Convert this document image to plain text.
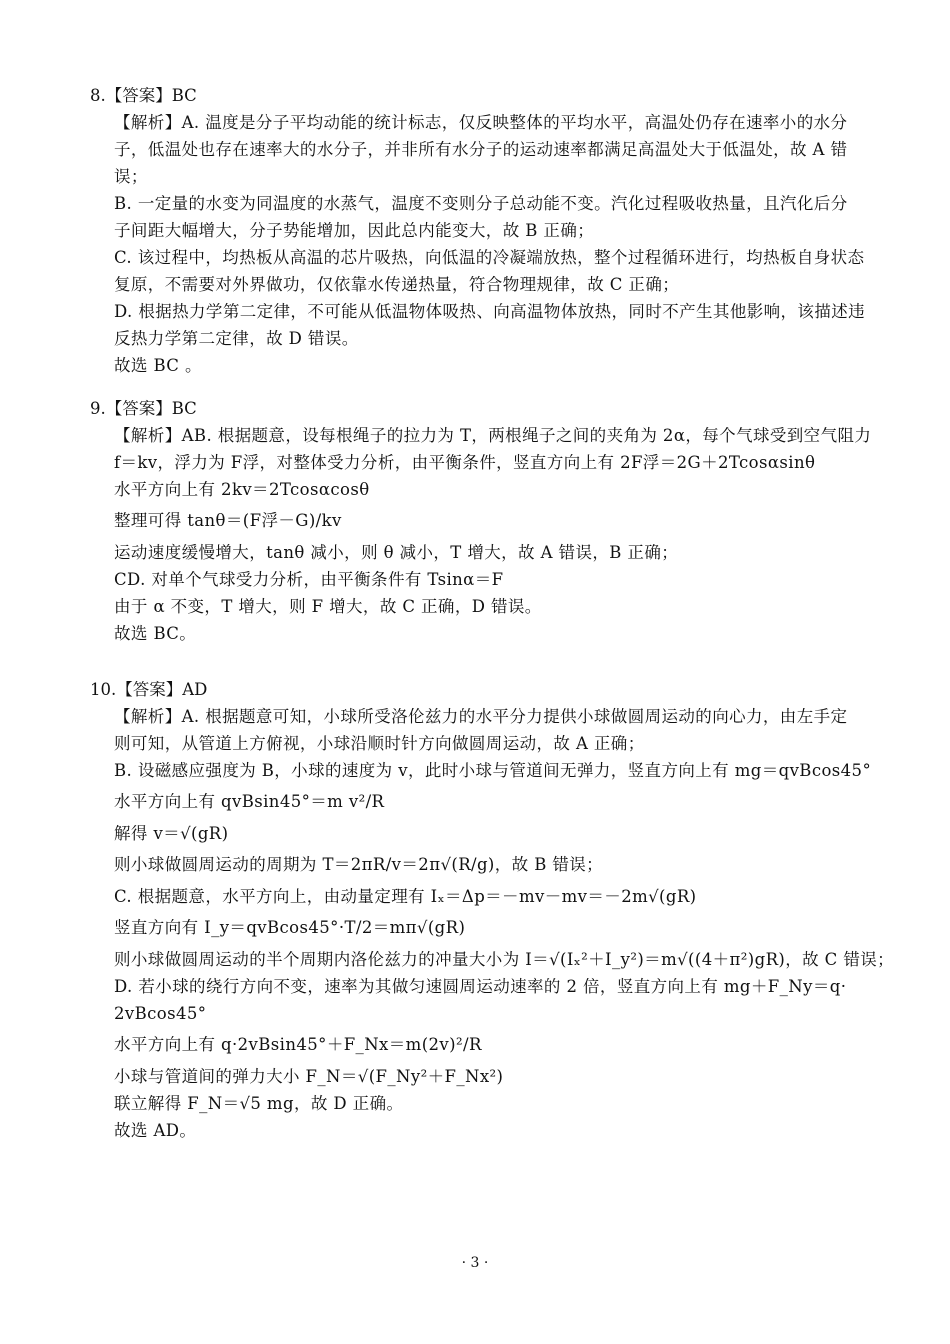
8.【答案】BC
【解析】A. 温度是分子平均动能的统计标志，仅反映整体的平均水平，高温处仍存在速率小的水分
子，低温处也存在速率大的水分子，并非所有水分子的运动速率都满足高温处大于低温处，故 A 错
误；
B. 一定量的水变为同温度的水蒸气，温度不变则分子总动能不变。汽化过程吸收热量，且汽化后分
子间距大幅增大，分子势能增加，因此总内能变大，故 B 正确；
C. 该过程中，均热板从高温的芯片吸热，向低温的冷凝端放热，整个过程循环进行，均热板自身状态
复原，不需要对外界做功，仅依靠水传递热量，符合物理规律，故 C 正确；
D. 根据热力学第二定律，不可能从低温物体吸热、向高温物体放热，同时不产生其他影响，该描述违
反热力学第二定律，故 D 错误。
故选 BC 。
9.【答案】BC
【解析】AB. 根据题意，设每根绳子的拉力为 T，两根绳子之间的夹角为 2α，每个气球受到空气阻力
f＝kv，浮力为 F浮，对整体受力分析，由平衡条件，竖直方向上有 2F浮＝2G＋2Tcosαsinθ
水平方向上有 2kv＝2Tcosαcosθ
整理可得 tanθ＝(F浮－G)/kv
运动速度缓慢增大，tanθ 减小，则 θ 减小，T 增大，故 A 错误，B 正确；
CD. 对单个气球受力分析，由平衡条件有 Tsinα＝F
由于 α 不变，T 增大，则 F 增大，故 C 正确，D 错误。
故选 BC。
10.【答案】AD
【解析】A. 根据题意可知，小球所受洛伦兹力的水平分力提供小球做圆周运动的向心力，由左手定
则可知，从管道上方俯视，小球沿顺时针方向做圆周运动，故 A 正确；
B. 设磁感应强度为 B，小球的速度为 v，此时小球与管道间无弹力，竖直方向上有 mg＝qvBcos45°
水平方向上有 qvBsin45°＝m v²/R
解得 v＝√(gR)
则小球做圆周运动的周期为 T＝2πR/v＝2π√(R/g)，故 B 错误；
C. 根据题意，水平方向上，由动量定理有 Iₓ＝Δp＝－mv－mv＝－2m√(gR)
竖直方向有 I_y＝qvBcos45°·T/2＝mπ√(gR)
则小球做圆周运动的半个周期内洛伦兹力的冲量大小为 I＝√(Iₓ²＋I_y²)＝m√((4＋π²)gR)，故 C 错误；
D. 若小球的绕行方向不变，速率为其做匀速圆周运动速率的 2 倍，竖直方向上有 mg＋F_Ny＝q·
2vBcos45°
水平方向上有 q·2vBsin45°＋F_Nx＝m(2v)²/R
小球与管道间的弹力大小 F_N＝√(F_Ny²＋F_Nx²)
联立解得 F_N＝√5 mg，故 D 正确。
故选 AD。
· 3 ·
